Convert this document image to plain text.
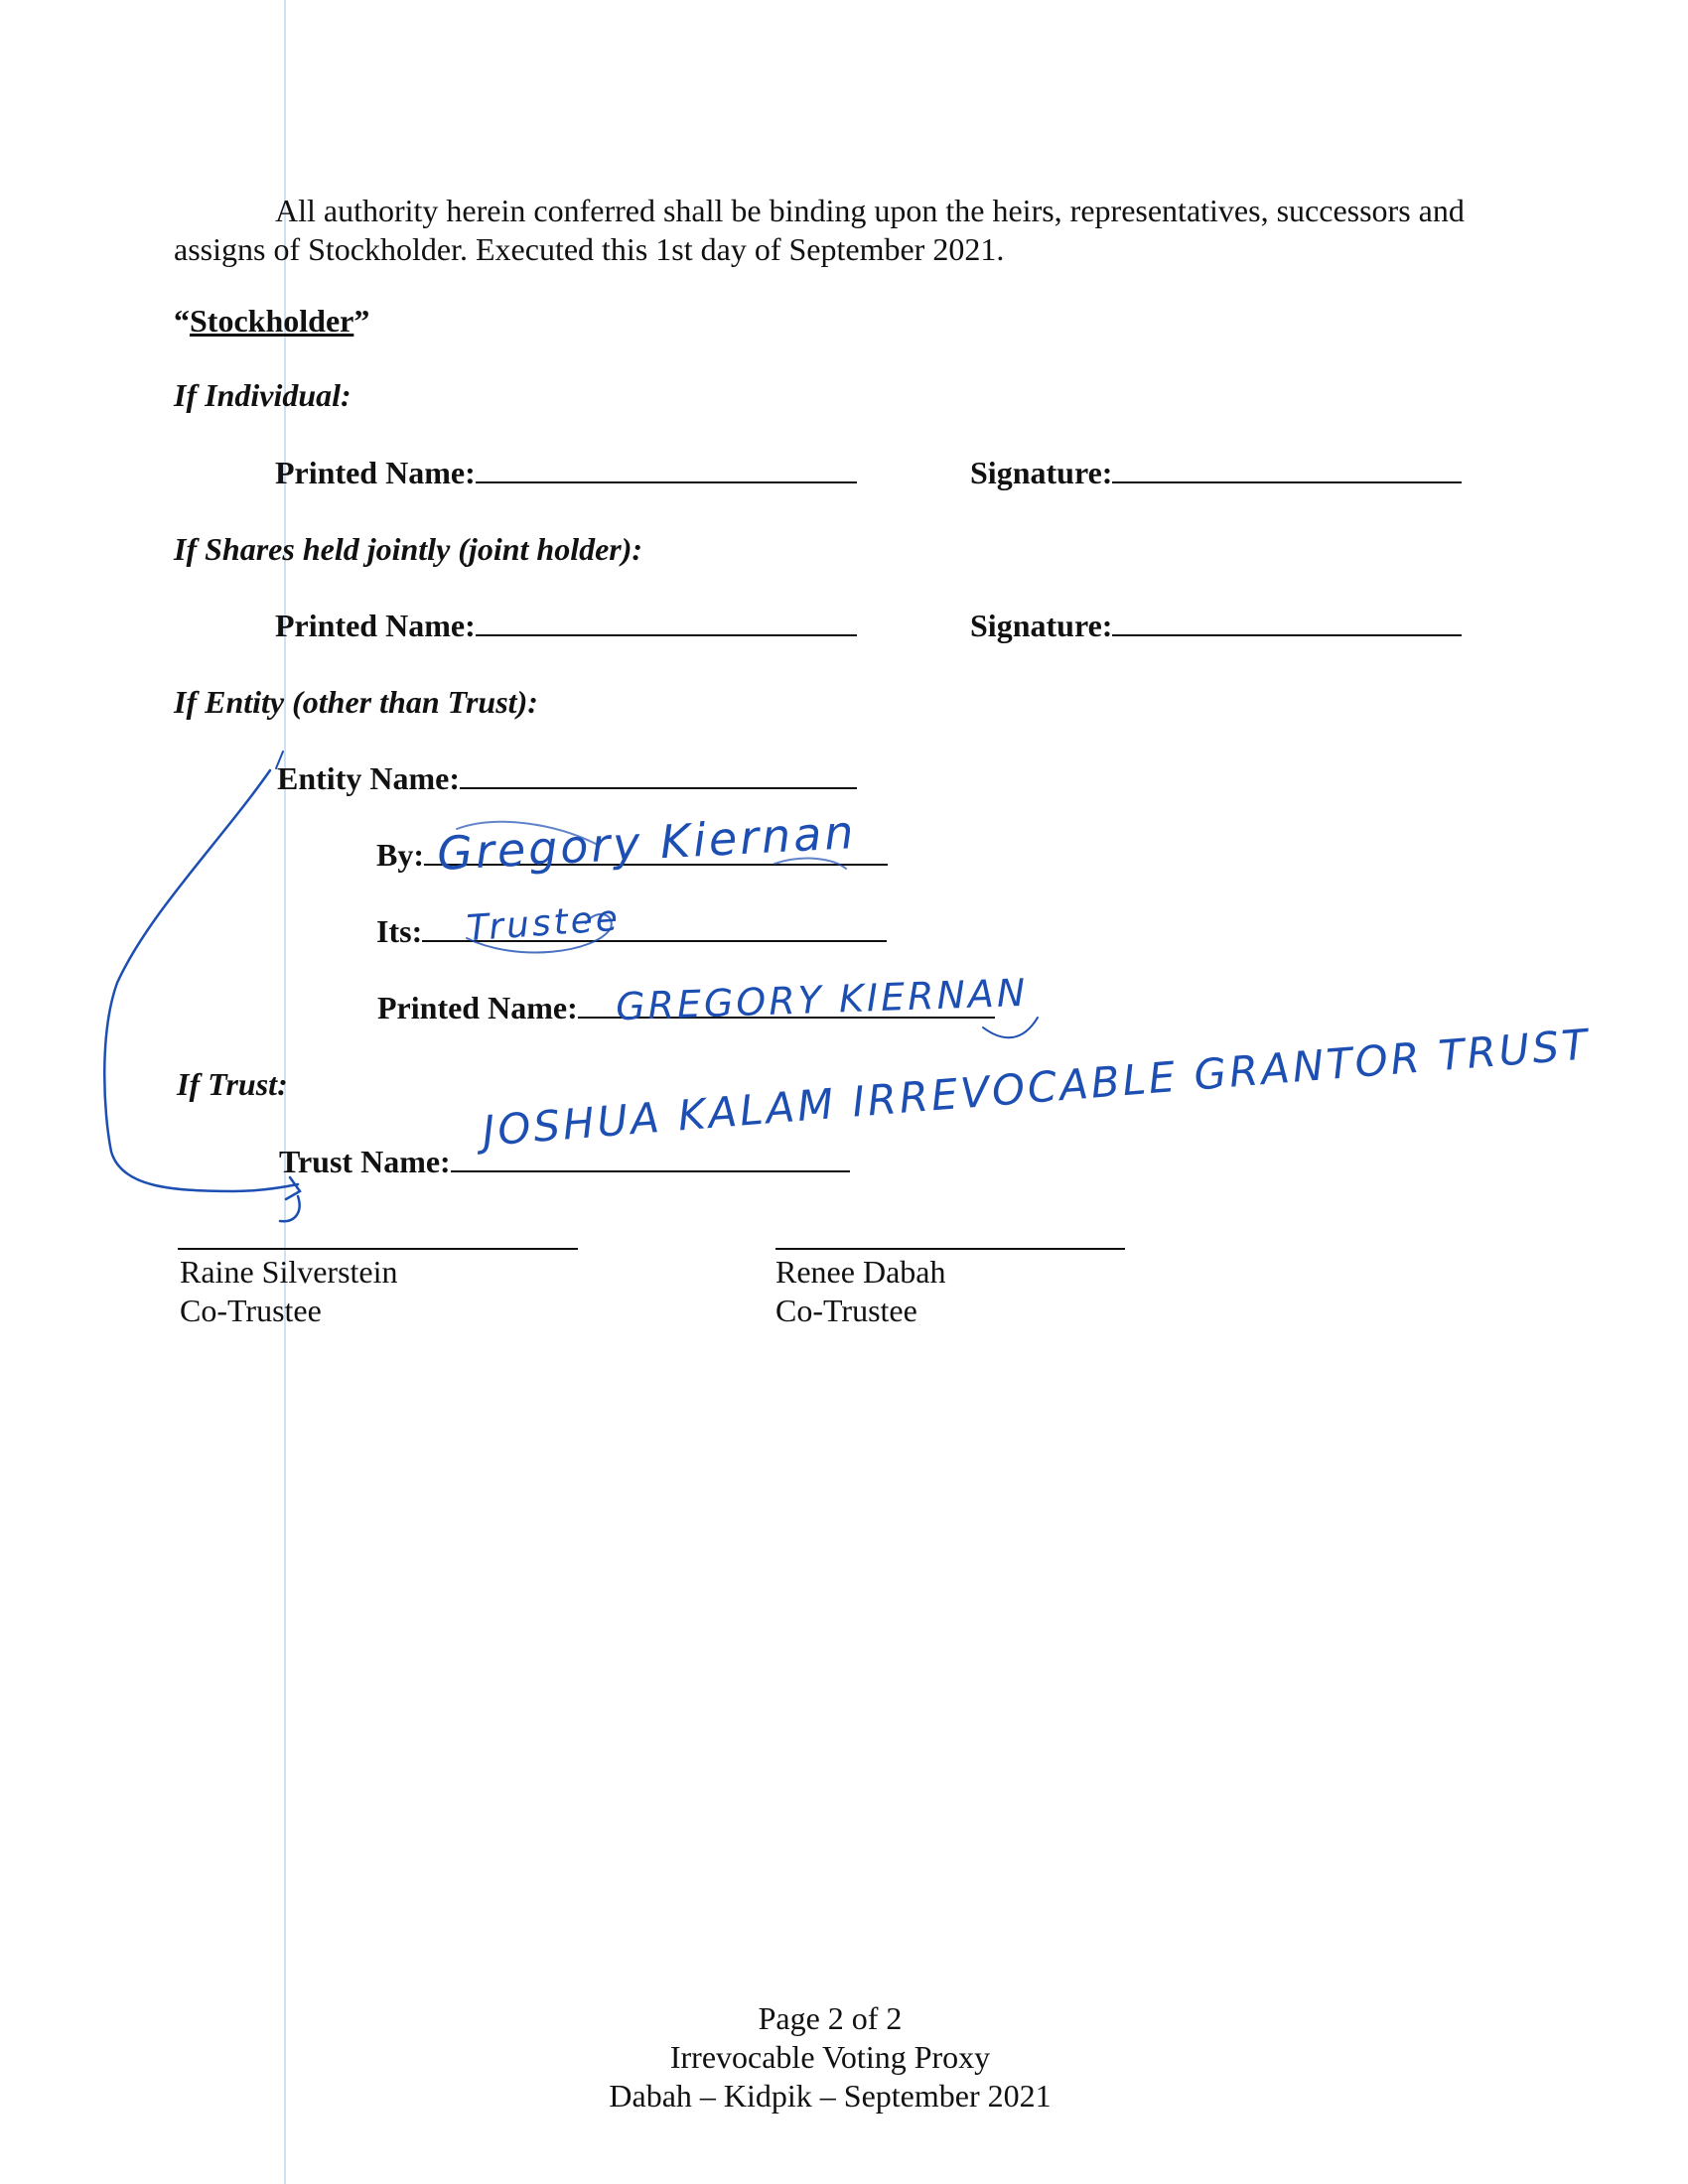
All authority herein conferred shall be binding upon the heirs, representatives, successors and assigns of Stockholder. Executed this 1st day of September 2021.

“Stockholder”
If Individual:
Printed Name:	Signature:
If Shares held jointly (joint holder):
Printed Name:	Signature:
If Entity (other than Trust):
Entity Name:
By:
Its:
Printed Name:
If Trust:
Trust Name:
Gregory Kiernan
Trustee
GREGORY KIERNAN
JOSHUA KALAM IRREVOCABLE GRANTOR TRUST
Raine Silverstein
Co-Trustee
Renee Dabah
Co-Trustee
Page 2 of 2
Irrevocable Voting Proxy
Dabah – Kidpik – September 2021
